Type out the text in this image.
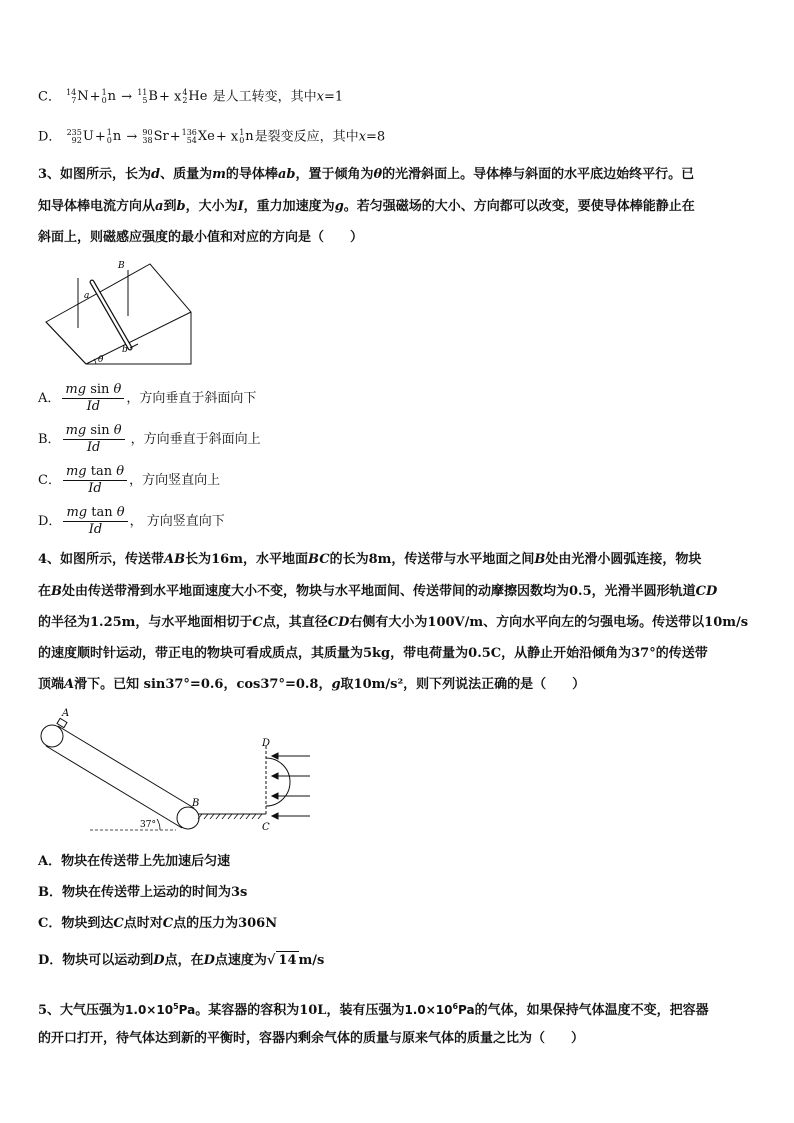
C． 14
7 N + 1
0 n → 11
5 B + x 4
2 He 是人工转变，其中x=1
D． 235
92 U + 1
0 n → 90
38 Sr + 136
54 Xe + x 1
0 n 是裂变反应，其中x=8
3、如图所示，长为d、质量为m的导体棒ab，置于倾角为θ的光滑斜面上。导体棒与斜面的水平底边始终平行。已
知导体棒电流方向从a到b，大小为I，重力加速度为g。若匀强磁场的大小、方向都可以改变，要使导体棒能静止在
斜面上，则磁感应强度的最小值和对应的方向是（　　）
B
a
b
θ
A． $\frac{\text{mg sin θ}}{Id}$ ，方向垂直于斜面向下
B． $\frac{\text{mg sin θ}}{Id}$ ，方向垂直于斜面向上
C． $\frac{\text{mg tan θ}}{Id}$ ，方向竖直向上
D． $\frac{\text{mg tan θ}}{Id}$ ， 方向竖直向下
4、如图所示，传送带AB长为16m，水平地面BC的长为8m，传送带与水平地面之间B处由光滑小圆弧连接，物块
在B处由传送带滑到水平地面速度大小不变，物块与水平地面间、传送带间的动摩擦因数均为0.5，光滑半圆形轨道CD
的半径为1.25m，与水平地面相切于C点，其直径CD右侧有大小为100V/m、方向水平向左的匀强电场。传送带以10m/s
的速度顺时针运动，带正电的物块可看成质点，其质量为5kg，带电荷量为0.5C，从静止开始沿倾角为37°的传送带
顶端A滑下。已知 sin37°=0.6，cos37°=0.8，g取10m/s²，则下列说法正确的是（　　）
A
B
C
D
37°
A．物块在传送带上先加速后匀速
B．物块在传送带上运动的时间为3s
C．物块到达C点时对C点的压力为306N
D．物块可以运动到D点，在D点速度为√ 14 m/s
5、大气压强为$1.0\times 10^5Pa$。某容器的容积为10L，装有压强为$1.0\times 10^6Pa$的气体，如果保持气体温度不变，把容器
的开口打开，待气体达到新的平衡时，容器内剩余气体的质量与原来气体的质量之比为（　　）
